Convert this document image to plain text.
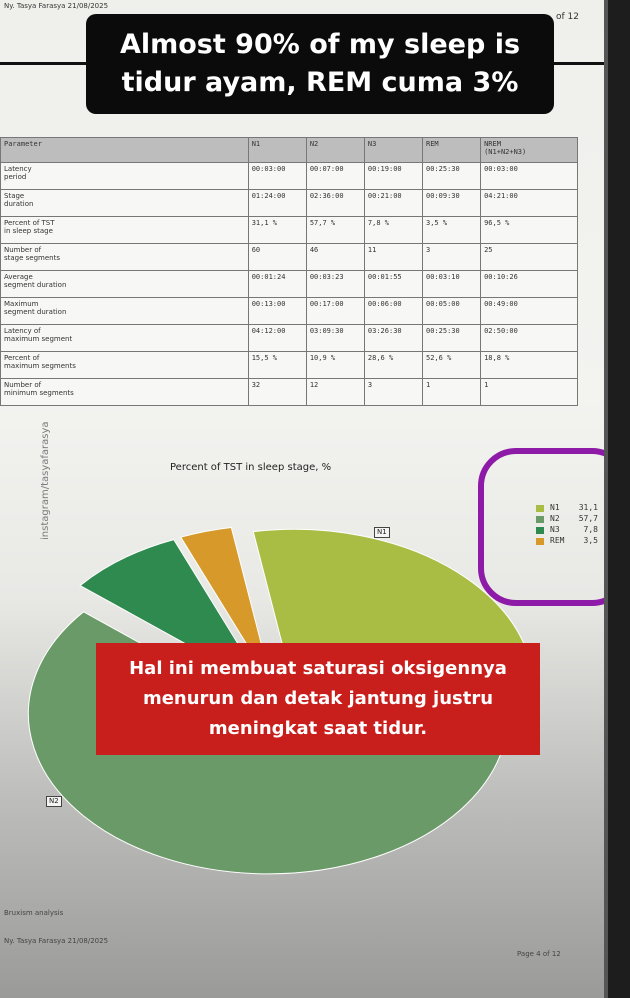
Ny. Tasya Farasya 21/08/2025
of 12
Almost 90% of my sleep is
tidur ayam, REM cuma 3%
Parameter	N1	N2	N3	REM	NREM
(N1+N2+N3)

Latency
period	00:03:00	00:07:00	00:19:00	00:25:30	00:03:00

Stage
duration	01:24:00	02:36:00	00:21:00	00:09:30	04:21:00

Percent of TST
in sleep stage	31,1 %	57,7 %	7,8 %	3,5 %	96,5 %

Number of
stage segments	60	46	11	3	25

Average
segment duration	00:01:24	00:03:23	00:01:55	00:03:10	00:10:26

Maximum
segment duration	00:13:00	00:17:00	00:06:00	00:05:00	00:49:00

Latency of
maximum segment	04:12:00	03:09:30	03:26:30	00:25:30	02:50:00

Percent of
maximum segments	15,5 %	10,9 %	28,6 %	52,6 %	18,8 %

Number of
minimum segments	32	12	3	1	1
instagram/tasyafarasya	Percent of TST in sleep stage, %
N1
N2
N1 31,1
N2 57,7
N3	7,8
REM	3,5
Hal ini membuat saturasi oksigennya
menurun dan detak jantung justru
meningkat saat tidur.
Bruxism analysis
Ny. Tasya Farasya 21/08/2025
Page 4 of 12
